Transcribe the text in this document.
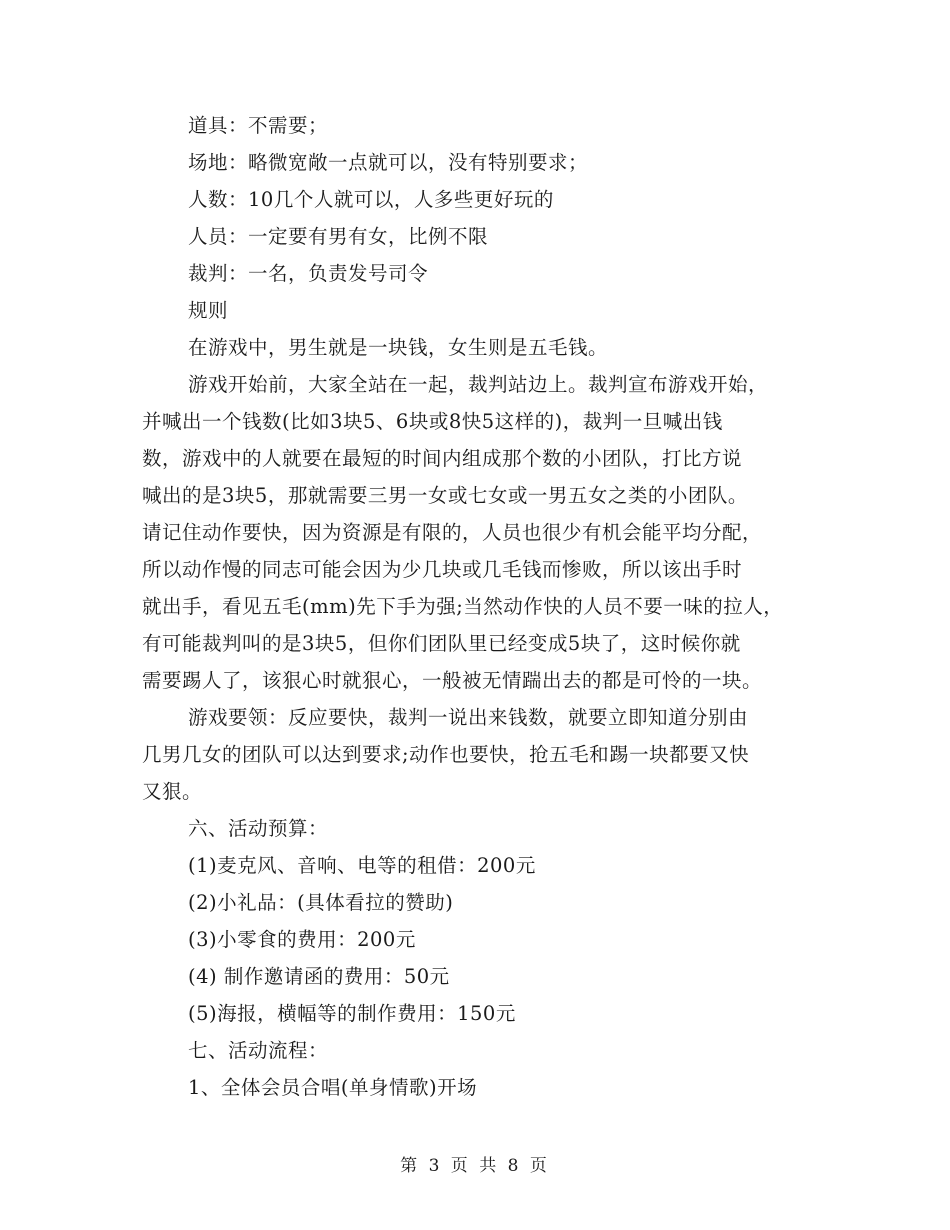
道具：不需要；
场地：略微宽敞一点就可以，没有特别要求；
人数：10几个人就可以，人多些更好玩的
人员：一定要有男有女，比例不限
裁判：一名，负责发号司令
规则
在游戏中，男生就是一块钱，女生则是五毛钱。
游戏开始前，大家全站在一起，裁判站边上。裁判宣布游戏开始，
并喊出一个钱数(比如3块5、6块或8快5这样的)，裁判一旦喊出钱
数，游戏中的人就要在最短的时间内组成那个数的小团队，打比方说
喊出的是3块5，那就需要三男一女或七女或一男五女之类的小团队。
请记住动作要快，因为资源是有限的，人员也很少有机会能平均分配，
所以动作慢的同志可能会因为少几块或几毛钱而惨败，所以该出手时
就出手，看见五毛(mm)先下手为强;当然动作快的人员不要一味的拉人，
有可能裁判叫的是3块5，但你们团队里已经变成5块了，这时候你就
需要踢人了，该狠心时就狠心，一般被无情踹出去的都是可怜的一块。
游戏要领：反应要快，裁判一说出来钱数，就要立即知道分别由
几男几女的团队可以达到要求;动作也要快，抢五毛和踢一块都要又快
又狠。
六、活动预算：
(1)麦克风、音响、电等的租借：200元
(2)小礼品：(具体看拉的赞助)
(3)小零食的费用：200元
(4) 制作邀请函的费用：50元
(5)海报，横幅等的制作费用：150元
七、活动流程：
1、全体会员合唱(单身情歌)开场
第 3 页 共 8 页
